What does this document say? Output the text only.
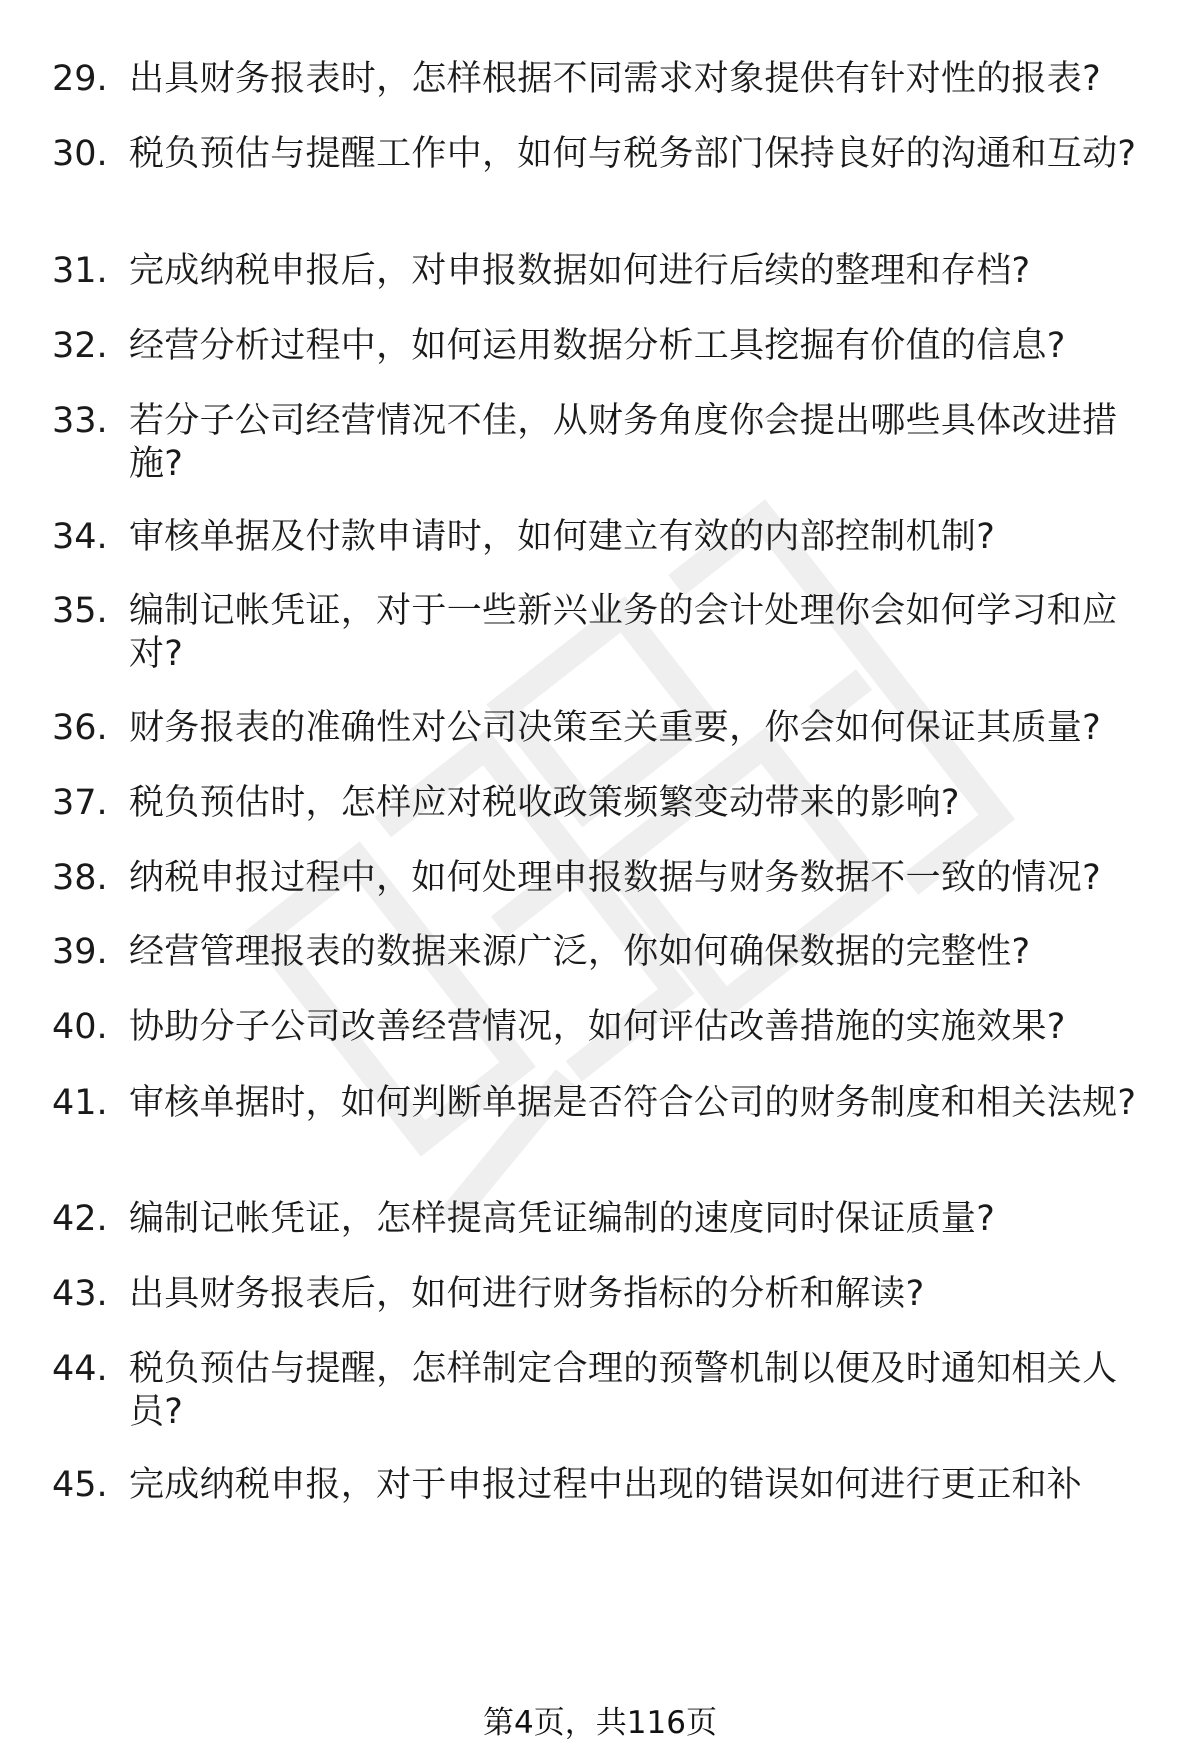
29. 出具财务报表时，怎样根据不同需求对象提供有针对性的报表?
30. 税负预估与提醒工作中，如何与税务部门保持良好的沟通和互动?
31. 完成纳税申报后，对申报数据如何进行后续的整理和存档?
32. 经营分析过程中，如何运用数据分析工具挖掘有价值的信息?
33. 若分子公司经营情况不佳，从财务角度你会提出哪些具体改进措施?
34. 审核单据及付款申请时，如何建立有效的内部控制机制?
35. 编制记帐凭证，对于一些新兴业务的会计处理你会如何学习和应对?
36. 财务报表的准确性对公司决策至关重要，你会如何保证其质量?
37. 税负预估时，怎样应对税收政策频繁变动带来的影响?
38. 纳税申报过程中，如何处理申报数据与财务数据不一致的情况?
39. 经营管理报表的数据来源广泛，你如何确保数据的完整性?
40. 协助分子公司改善经营情况，如何评估改善措施的实施效果?
41. 审核单据时，如何判断单据是否符合公司的财务制度和相关法规?
42. 编制记帐凭证，怎样提高凭证编制的速度同时保证质量?
43. 出具财务报表后，如何进行财务指标的分析和解读?
44. 税负预估与提醒，怎样制定合理的预警机制以便及时通知相关人员?
45. 完成纳税申报，对于申报过程中出现的错误如何进行更正和补
第4页，共116页
